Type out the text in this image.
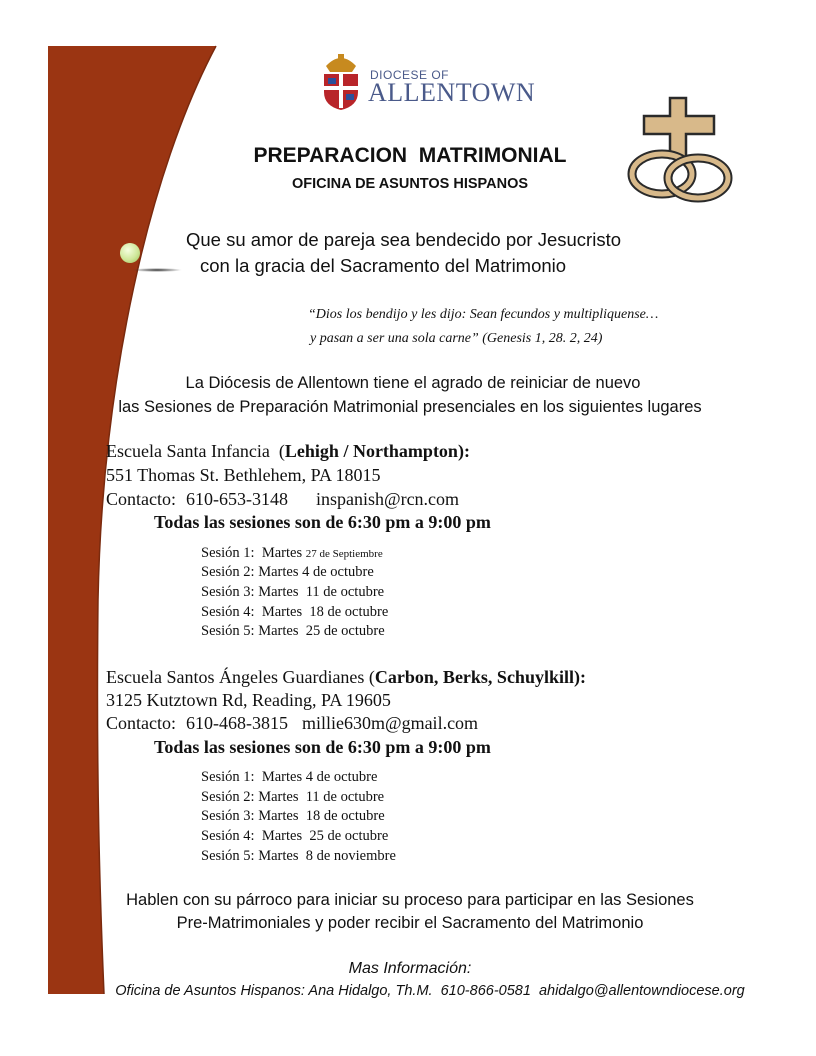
DIOCESE OF
ALLENTOWN
PREPARACION  MATRIMONIAL
OFICINA DE ASUNTOS HISPANOS
Que su amor de pareja sea bendecido por Jesucristo
con la gracia del Sacramento del Matrimonio
“Dios los bendijo y les dijo: Sean fecundos y multipliquense…
y pasan a ser una sola carne” (Genesis 1, 28. 2, 24)
La Diócesis de Allentown tiene el agrado de reiniciar de nuevo
las Sesiones de Preparación Matrimonial presenciales en los siguientes lugares
Escuela Santa Infancia  (Lehigh / Northampton):
551 Thomas St. Bethlehem, PA 18015
Contacto: 610-653-3148 inspanish@rcn.com
Todas las sesiones son de 6:30 pm a 9:00 pm
Sesión 1:  Martes 27 de Septiembre
Sesión 2: Martes 4 de octubre
Sesión 3: Martes  11 de octubre
Sesión 4:  Martes  18 de octubre
Sesión 5: Martes  25 de octubre
Escuela Santos Ángeles Guardianes (Carbon, Berks, Schuylkill):
3125 Kutztown Rd, Reading, PA 19605
Contacto: 610-468-3815 millie630m@gmail.com
Todas las sesiones son de 6:30 pm a 9:00 pm
Sesión 1:  Martes 4 de octubre
Sesión 2: Martes  11 de octubre
Sesión 3: Martes  18 de octubre
Sesión 4:  Martes  25 de octubre
Sesión 5: Martes  8 de noviembre
Hablen con su párroco para iniciar su proceso para participar en las Sesiones
Pre-Matrimoniales y poder recibir el Sacramento del Matrimonio
Mas Información:
Oficina de Asuntos Hispanos: Ana Hidalgo, Th.M.  610-866-0581  ahidalgo@allentowndiocese.org
